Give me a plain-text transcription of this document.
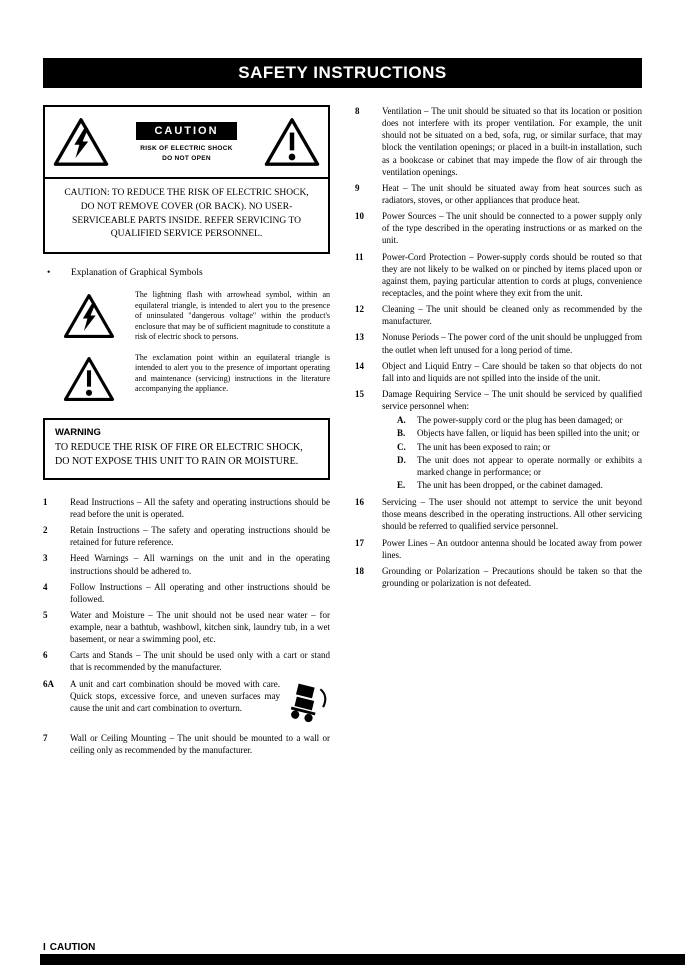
SAFETY INSTRUCTIONS
CAUTION
RISK OF ELECTRIC SHOCK
DO NOT OPEN
CAUTION: TO REDUCE THE RISK OF ELECTRIC SHOCK, DO NOT REMOVE COVER (OR BACK). NO USER-SERVICEABLE PARTS INSIDE. REFER SERVICING TO QUALIFIED SERVICE PERSONNEL.
•	Explanation of Graphical Symbols
The lightning flash with arrowhead symbol, within an equilateral triangle, is intended to alert you to the presence of uninsulated "dangerous voltage" within the product's enclosure that may be of sufficient magnitude to constitute a risk of electric shock to persons.
The exclamation point within an equilateral triangle is intended to alert you to the presence of important operating and maintenance (servicing) instructions in the literature accompanying the appliance.
WARNING
TO REDUCE THE RISK OF FIRE OR ELECTRIC SHOCK, DO NOT EXPOSE THIS UNIT TO RAIN OR MOISTURE.
1	Read Instructions – All the safety and operating instructions should be read before the unit is operated.
2	Retain Instructions – The safety and operating instructions should be retained for future reference.
3	Heed Warnings – All warnings on the unit and in the operating instructions should be adhered to.
4	Follow Instructions – All operating and other instructions should be followed.
5	Water and Moisture – The unit should not be used near water – for example, near a bathtub, washbowl, kitchen sink, laundry tub, in a wet basement, or near a swimming pool, etc.
6	Carts and Stands – The unit should be used only with a cart or stand that is recommended by the manufacturer.
6A	A unit and cart combination should be moved with care. Quick stops, excessive force, and uneven surfaces may cause the unit and cart combination to overturn.
7	Wall or Ceiling Mounting – The unit should be mounted to a wall or ceiling only as recommended by the manufacturer.
8	Ventilation – The unit should be situated so that its location or position does not interfere with its proper ventilation. For example, the unit should not be situated on a bed, sofa, rug, or similar surface, that may block the ventilation openings; or placed in a built-in installation, such as a bookcase or cabinet that may impede the flow of air through the ventilation openings.
9	Heat – The unit should be situated away from heat sources such as radiators, stoves, or other appliances that produce heat.
10	Power Sources – The unit should be connected to a power supply only of the type described in the operating instructions or as marked on the unit.
11	Power-Cord Protection – Power-supply cords should be routed so that they are not likely to be walked on or pinched by items placed upon or against them, paying particular attention to cords at plugs, convenience receptacles, and the point where they exit from the unit.
12	Cleaning – The unit should be cleaned only as recommended by the manufacturer.
13	Nonuse Periods – The power cord of the unit should be unplugged from the outlet when left unused for a long period of time.
14	Object and Liquid Entry – Care should be taken so that objects do not fall into and liquids are not spilled into the inside of the unit.
15	Damage Requiring Service – The unit should be serviced by qualified service personnel when:
A.	The power-supply cord or the plug has been damaged; or
B.	Objects have fallen, or liquid has been spilled into the unit; or
C.	The unit has been exposed to rain; or
D.	The unit does not appear to operate normally or exhibits a marked change in performance; or
E.	The unit has been dropped, or the cabinet damaged.
16	Servicing – The user should not attempt to service the unit beyond those means described in the operating instructions. All other servicing should be referred to qualified service personnel.
17	Power Lines – An outdoor antenna should be located away from power lines.
18	Grounding or Polarization – Precautions should be taken so that the grounding or polarization is not defeated.
I CAUTION
